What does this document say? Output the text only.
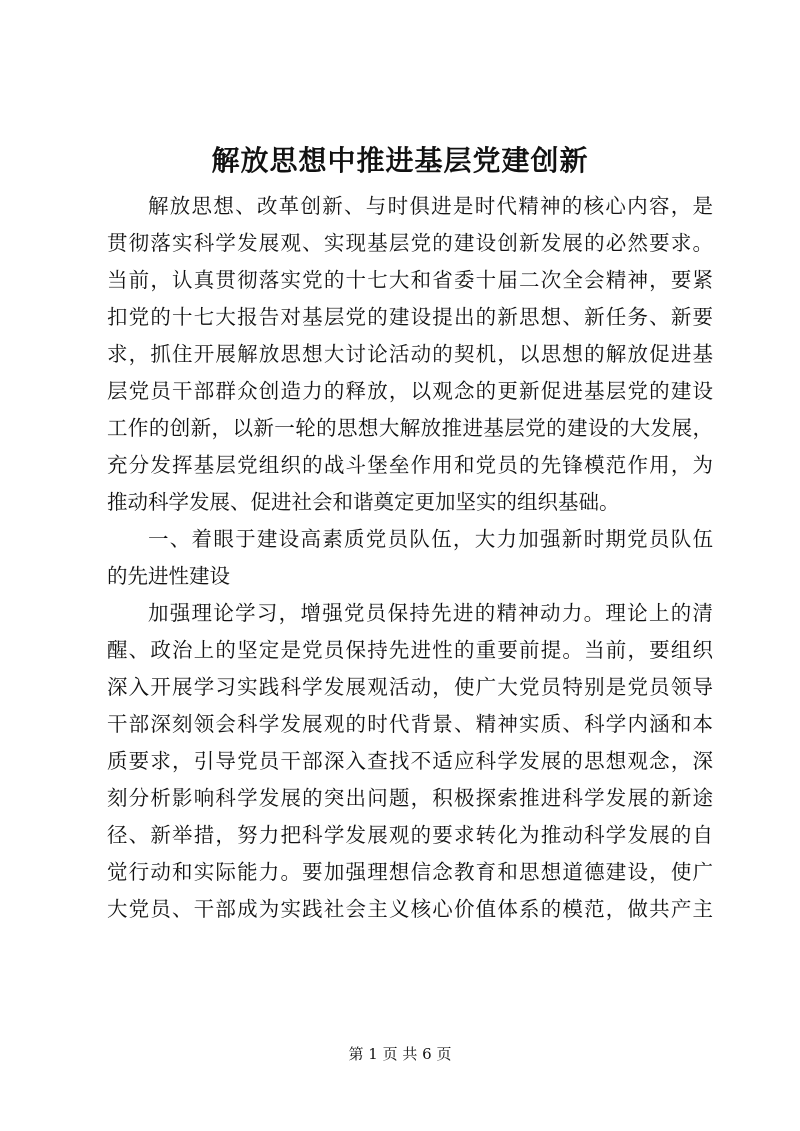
解放思想中推进基层党建创新
解放思想、改革创新、与时俱进是时代精神的核心内容，是
贯彻落实科学发展观、实现基层党的建设创新发展的必然要求。
当前，认真贯彻落实党的十七大和省委十届二次全会精神，要紧
扣党的十七大报告对基层党的建设提出的新思想、新任务、新要
求，抓住开展解放思想大讨论活动的契机，以思想的解放促进基
层党员干部群众创造力的释放，以观念的更新促进基层党的建设
工作的创新，以新一轮的思想大解放推进基层党的建设的大发展，
充分发挥基层党组织的战斗堡垒作用和党员的先锋模范作用，为
推动科学发展、促进社会和谐奠定更加坚实的组织基础。
一、着眼于建设高素质党员队伍，大力加强新时期党员队伍
的先进性建设
加强理论学习，增强党员保持先进的精神动力。理论上的清
醒、政治上的坚定是党员保持先进性的重要前提。当前，要组织
深入开展学习实践科学发展观活动，使广大党员特别是党员领导
干部深刻领会科学发展观的时代背景、精神实质、科学内涵和本
质要求，引导党员干部深入查找不适应科学发展的思想观念，深
刻分析影响科学发展的突出问题，积极探索推进科学发展的新途
径、新举措，努力把科学发展观的要求转化为推动科学发展的自
觉行动和实际能力。要加强理想信念教育和思想道德建设，使广
大党员、干部成为实践社会主义核心价值体系的模范，做共产主
第 1 页 共 6 页
